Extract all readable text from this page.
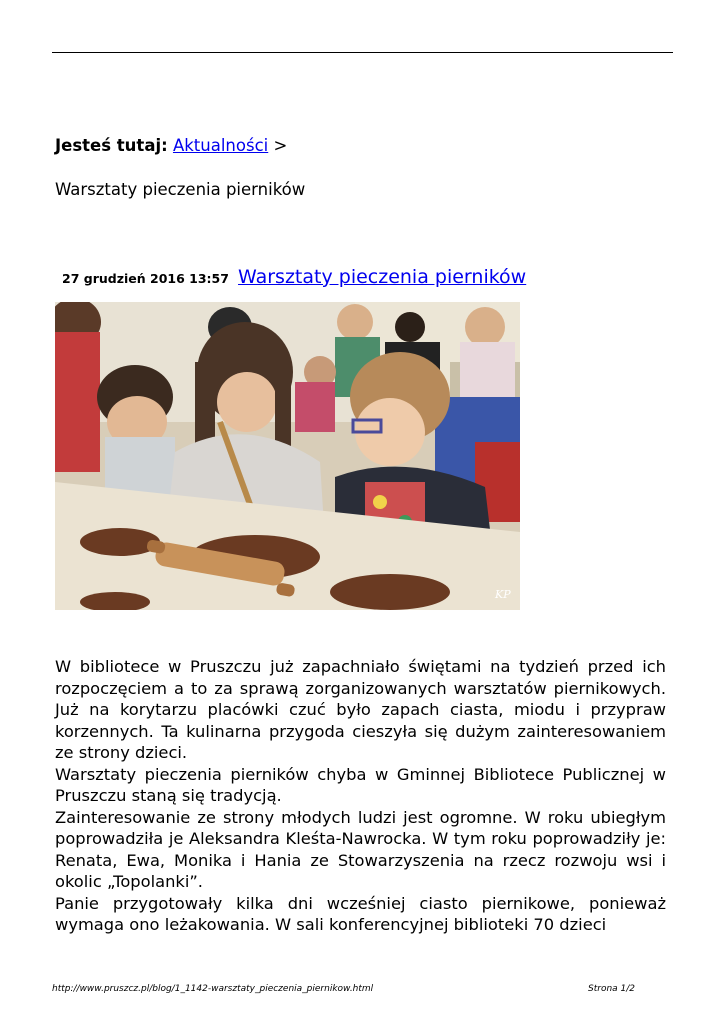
Jesteś tutaj: Aktualności >
Warsztaty pieczenia pierników
27 grudzień 2016 13:57 Warsztaty pieczenia pierników
KP

W bibliotece w Pruszczu już zapachniało świętami na tydzień przed ich rozpoczęciem a to za sprawą zorganizowanych warsztatów piernikowych. Już na korytarzu placówki czuć było zapach ciasta, miodu i przypraw korzennych. Ta kulinarna przygoda cieszyła się dużym zainteresowaniem ze strony dzieci.

Warsztaty pieczenia pierników chyba w Gminnej Bibliotece Publicznej w Pruszczu staną się tradycją.

Zainteresowanie ze strony młodych ludzi jest ogromne. W roku ubiegłym poprowadziła je Aleksandra Kleśta-Nawrocka. W tym roku poprowadziły je: Renata, Ewa, Monika i Hania ze Stowarzyszenia na rzecz rozwoju wsi i okolic „Topolanki”.

Panie przygotowały kilka dni wcześniej ciasto piernikowe, ponieważ wymaga ono leżakowania. W sali konferencyjnej biblioteki 70 dzieci

http://www.pruszcz.pl/blog/1_1142-warsztaty_pieczenia_piernikow.html	Strona 1/2
